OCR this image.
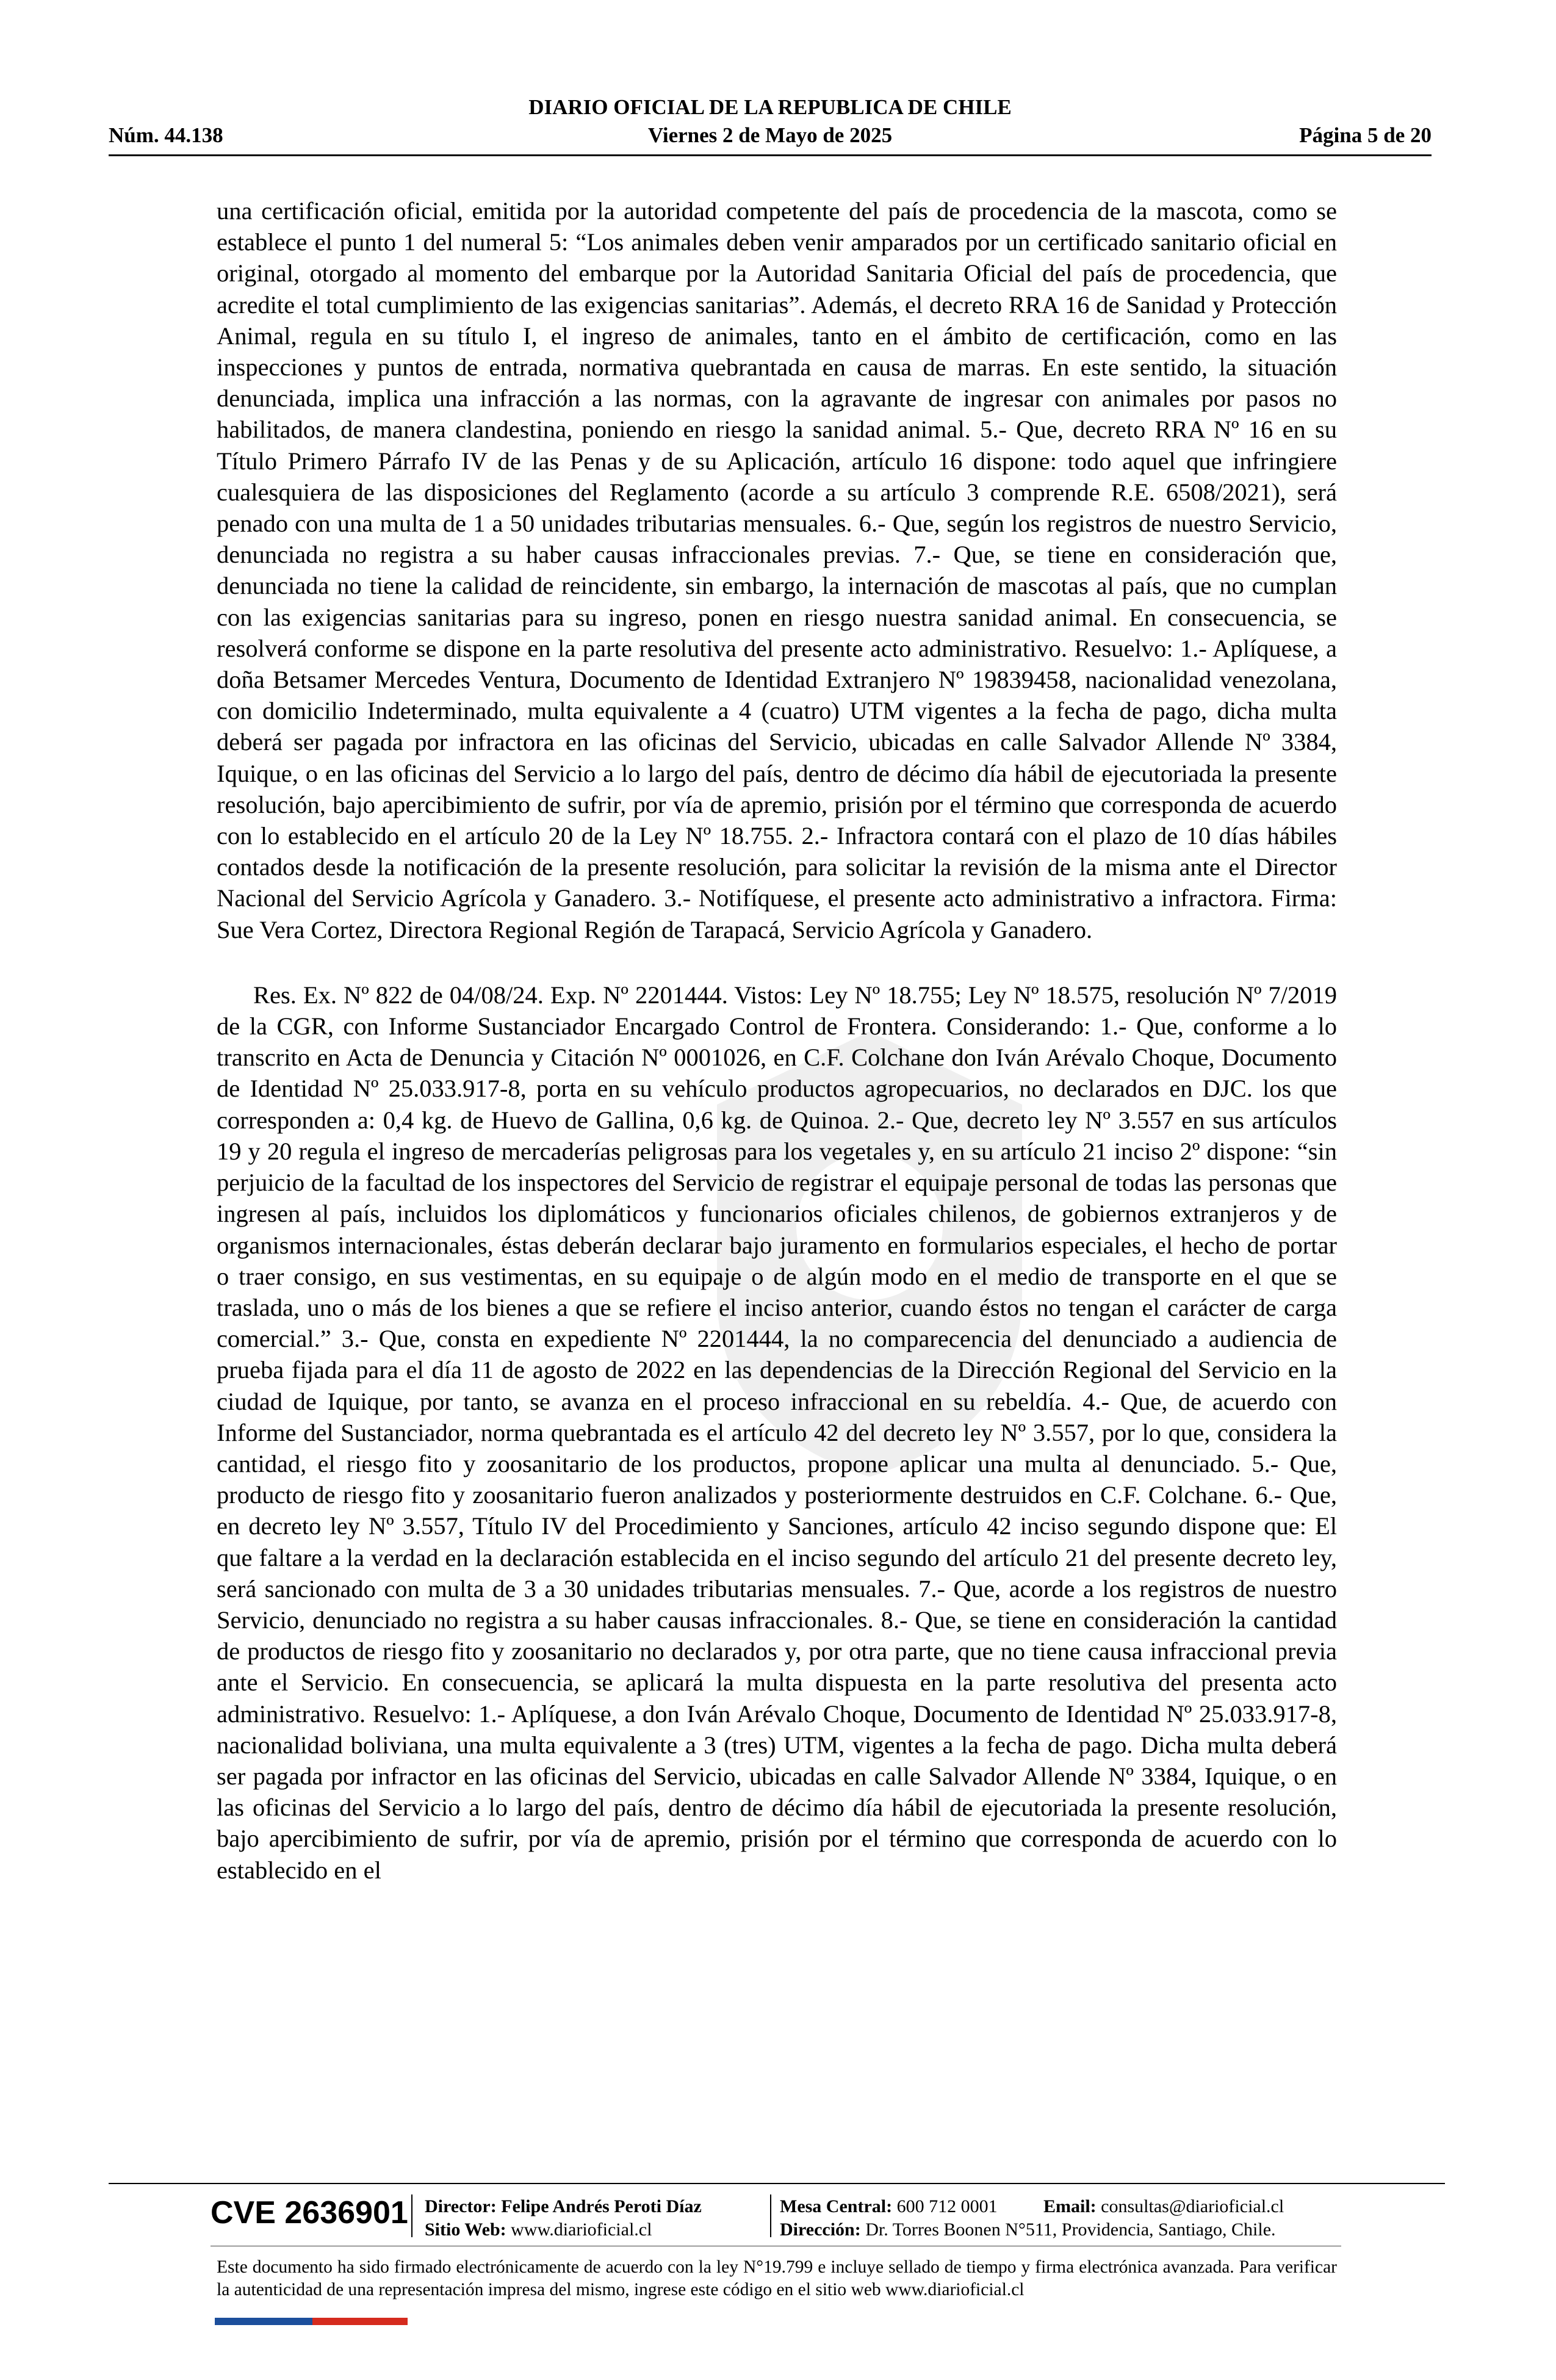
DIARIO OFICIAL DE LA REPUBLICA DE CHILE
Núm. 44.138	Viernes 2 de Mayo de 2025	Página 5 de 20

una certificación oficial, emitida por la autoridad competente del país de procedencia de la mascota, como se establece el punto 1 del numeral 5: “Los animales deben venir amparados por un certificado sanitario oficial en original, otorgado al momento del embarque por la Autoridad Sanitaria Oficial del país de procedencia, que acredite el total cumplimiento de las exigencias sanitarias”. Además, el decreto RRA 16 de Sanidad y Protección Animal, regula en su título I, el ingreso de animales, tanto en el ámbito de certificación, como en las inspecciones y puntos de entrada, normativa quebrantada en causa de marras. En este sentido, la situación denunciada, implica una infracción a las normas, con la agravante de ingresar con animales por pasos no habilitados, de manera clandestina, poniendo en riesgo la sanidad animal. 5.- Que, decreto RRA Nº 16 en su Título Primero Párrafo IV de las Penas y de su Aplicación, artículo 16 dispone: todo aquel que infringiere cualesquiera de las disposiciones del Reglamento (acorde a su artículo 3 comprende R.E. 6508/2021), será penado con una multa de 1 a 50 unidades tributarias mensuales. 6.- Que, según los registros de nuestro Servicio, denunciada no registra a su haber causas infraccionales previas. 7.- Que, se tiene en consideración que, denunciada no tiene la calidad de reincidente, sin embargo, la internación de mascotas al país, que no cumplan con las exigencias sanitarias para su ingreso, ponen en riesgo nuestra sanidad animal. En consecuencia, se resolverá conforme se dispone en la parte resolutiva del presente acto administrativo. Resuelvo: 1.- Aplíquese, a doña Betsamer Mercedes Ventura, Documento de Identidad Extranjero Nº 19839458, nacionalidad venezolana, con domicilio Indeterminado, multa equivalente a 4 (cuatro) UTM vigentes a la fecha de pago, dicha multa deberá ser pagada por infractora en las oficinas del Servicio, ubicadas en calle Salvador Allende Nº 3384, Iquique, o en las oficinas del Servicio a lo largo del país, dentro de décimo día hábil de ejecutoriada la presente resolución, bajo apercibimiento de sufrir, por vía de apremio, prisión por el término que corresponda de acuerdo con lo establecido en el artículo 20 de la Ley Nº 18.755. 2.- Infractora contará con el plazo de 10 días hábiles contados desde la notificación de la presente resolución, para solicitar la revisión de la misma ante el Director Nacional del Servicio Agrícola y Ganadero. 3.- Notifíquese, el presente acto administrativo a infractora. Firma: Sue Vera Cortez, Directora Regional Región de Tarapacá, Servicio Agrícola y Ganadero.

Res. Ex. Nº 822 de 04/08/24. Exp. Nº 2201444. Vistos: Ley Nº 18.755; Ley Nº 18.575, resolución Nº 7/2019 de la CGR, con Informe Sustanciador Encargado Control de Frontera. Considerando: 1.- Que, conforme a lo transcrito en Acta de Denuncia y Citación Nº 0001026, en C.F. Colchane don Iván Arévalo Choque, Documento de Identidad Nº 25.033.917-8, porta en su vehículo productos agropecuarios, no declarados en DJC. los que corresponden a: 0,4 kg. de Huevo de Gallina, 0,6 kg. de Quinoa. 2.- Que, decreto ley Nº 3.557 en sus artículos 19 y 20 regula el ingreso de mercaderías peligrosas para los vegetales y, en su artículo 21 inciso 2º dispone: “sin perjuicio de la facultad de los inspectores del Servicio de registrar el equipaje personal de todas las personas que ingresen al país, incluidos los diplomáticos y funcionarios oficiales chilenos, de gobiernos extranjeros y de organismos internacionales, éstas deberán declarar bajo juramento en formularios especiales, el hecho de portar o traer consigo, en sus vestimentas, en su equipaje o de algún modo en el medio de transporte en el que se traslada, uno o más de los bienes a que se refiere el inciso anterior, cuando éstos no tengan el carácter de carga comercial.” 3.- Que, consta en expediente Nº 2201444, la no comparecencia del denunciado a audiencia de prueba fijada para el día 11 de agosto de 2022 en las dependencias de la Dirección Regional del Servicio en la ciudad de Iquique, por tanto, se avanza en el proceso infraccional en su rebeldía. 4.- Que, de acuerdo con Informe del Sustanciador, norma quebrantada es el artículo 42 del decreto ley Nº 3.557, por lo que, considera la cantidad, el riesgo fito y zoosanitario de los productos, propone aplicar una multa al denunciado. 5.- Que, producto de riesgo fito y zoosanitario fueron analizados y posteriormente destruidos en C.F. Colchane. 6.- Que, en decreto ley Nº 3.557, Título IV del Procedimiento y Sanciones, artículo 42 inciso segundo dispone que: El que faltare a la verdad en la declaración establecida en el inciso segundo del artículo 21 del presente decreto ley, será sancionado con multa de 3 a 30 unidades tributarias mensuales. 7.- Que, acorde a los registros de nuestro Servicio, denunciado no registra a su haber causas infraccionales. 8.- Que, se tiene en consideración la cantidad de productos de riesgo fito y zoosanitario no declarados y, por otra parte, que no tiene causa infraccional previa ante el Servicio. En consecuencia, se aplicará la multa dispuesta en la parte resolutiva del presenta acto administrativo. Resuelvo: 1.- Aplíquese, a don Iván Arévalo Choque, Documento de Identidad Nº 25.033.917-8, nacionalidad boliviana, una multa equivalente a 3 (tres) UTM, vigentes a la fecha de pago. Dicha multa deberá ser pagada por infractor en las oficinas del Servicio, ubicadas en calle Salvador Allende Nº 3384, Iquique, o en las oficinas del Servicio a lo largo del país, dentro de décimo día hábil de ejecutoriada la presente resolución, bajo apercibimiento de sufrir, por vía de apremio, prisión por el término que corresponda de acuerdo con lo establecido en el

CVE 2636901 Director: Felipe Andrés Peroti Díaz
Sitio Web: www.diarioficial.cl
Mesa Central: 600 712 0001	Email: consultas@diarioficial.cl
Dirección: Dr. Torres Boonen N°511, Providencia, Santiago, Chile.
Este documento ha sido firmado electrónicamente de acuerdo con la ley N°19.799 e incluye sellado de tiempo y firma electrónica avanzada. Para verificar la autenticidad de una representación impresa del mismo, ingrese este código en el sitio web www.diarioficial.cl
